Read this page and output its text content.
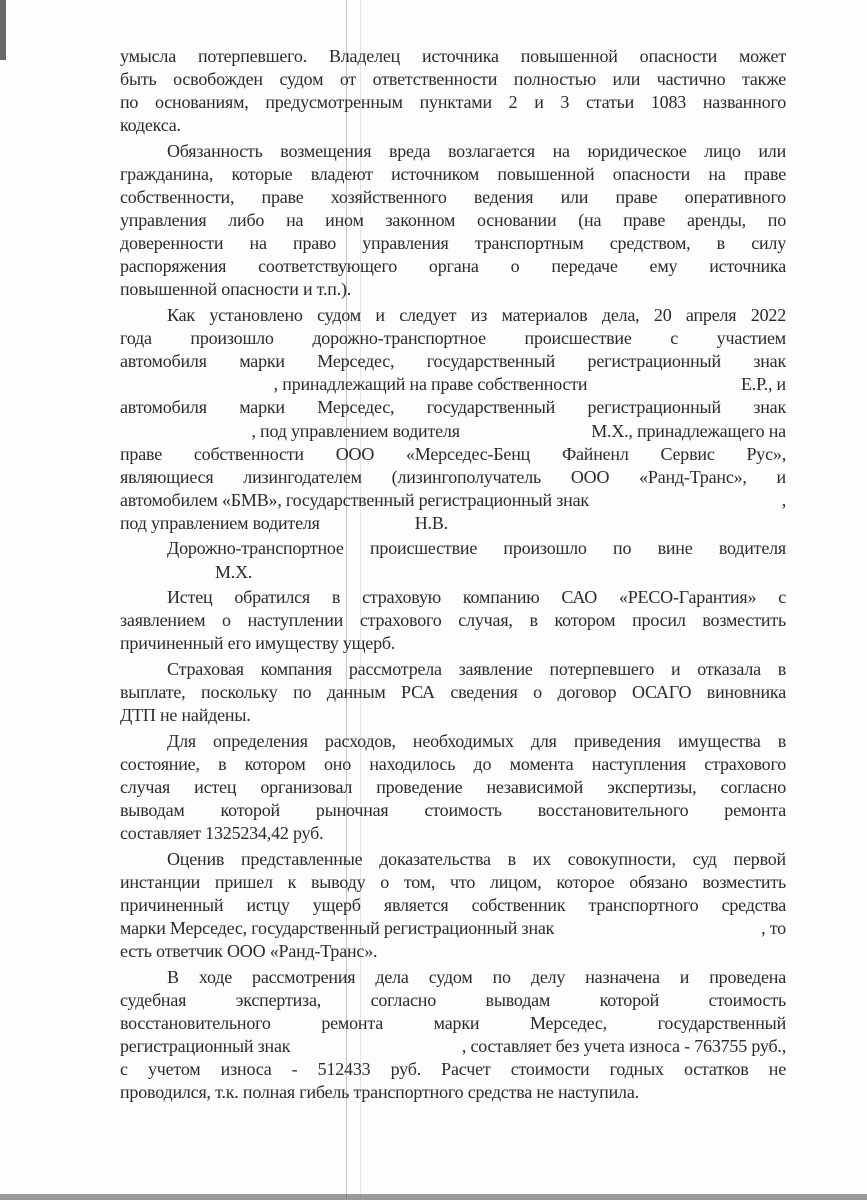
умысла потерпевшего. Владелец источника повышенной опасности может
быть освобожден судом от ответственности полностью или частично также
по основаниям, предусмотренным пунктами 2 и 3 статьи 1083 названного
кодекса.
Обязанность возмещения вреда возлагается на юридическое лицо или
гражданина, которые владеют источником повышенной опасности на праве
собственности, праве хозяйственного ведения или праве оперативного
управления либо на ином законном основании (на праве аренды, по
доверенности на право управления транспортным средством, в силу
распоряжения соответствующего органа о передаче ему источника
повышенной опасности и т.п.).
Как установлено судом и следует из материалов дела, 20 апреля 2022
года произошло дорожно-транспортное происшествие с участием
автомобиля марки Мерседес, государственный регистрационный знак
, принадлежащий на праве собственности	Е.Р., и
автомобиля марки Мерседес, государственный регистрационный знак
, под управлением водителя	М.Х., принадлежащего на
праве собственности ООО «Мерседес-Бенц Файненл Сервис Рус»,
являющиеся лизингодателем (лизингополучатель ООО «Ранд-Транс», и
автомобилем «БМВ», государственный регистрационный знак	,
под управлением водителя	Н.В.
Дорожно-транспортное происшествие произошло по вине водителя
М.Х.
Истец обратился в страховую компанию САО «РЕСО-Гарантия» с
заявлением о наступлении страхового случая, в котором просил возместить
причиненный его имуществу ущерб.
Страховая компания рассмотрела заявление потерпевшего и отказала в
выплате, поскольку по данным РСА сведения о договор ОСАГО виновника
ДТП не найдены.
Для определения расходов, необходимых для приведения имущества в
состояние, в котором оно находилось до момента наступления страхового
случая истец организовал проведение независимой экспертизы, согласно
выводам которой рыночная стоимость восстановительного ремонта
составляет 1325234,42 руб.
Оценив представленные доказательства в их совокупности, суд первой
инстанции пришел к выводу о том, что лицом, которое обязано возместить
причиненный истцу ущерб является собственник транспортного средства
марки Мерседес, государственный регистрационный знак	, то
есть ответчик ООО «Ранд-Транс».
В ходе рассмотрения дела судом по делу назначена и проведена
судебная экспертиза, согласно выводам которой стоимость
восстановительного ремонта марки Мерседес, государственный
регистрационный знак	, составляет без учета износа - 763755 руб.,
с учетом износа - 512433 руб. Расчет стоимости годных остатков не
проводился, т.к. полная гибель транспортного средства не наступила.
